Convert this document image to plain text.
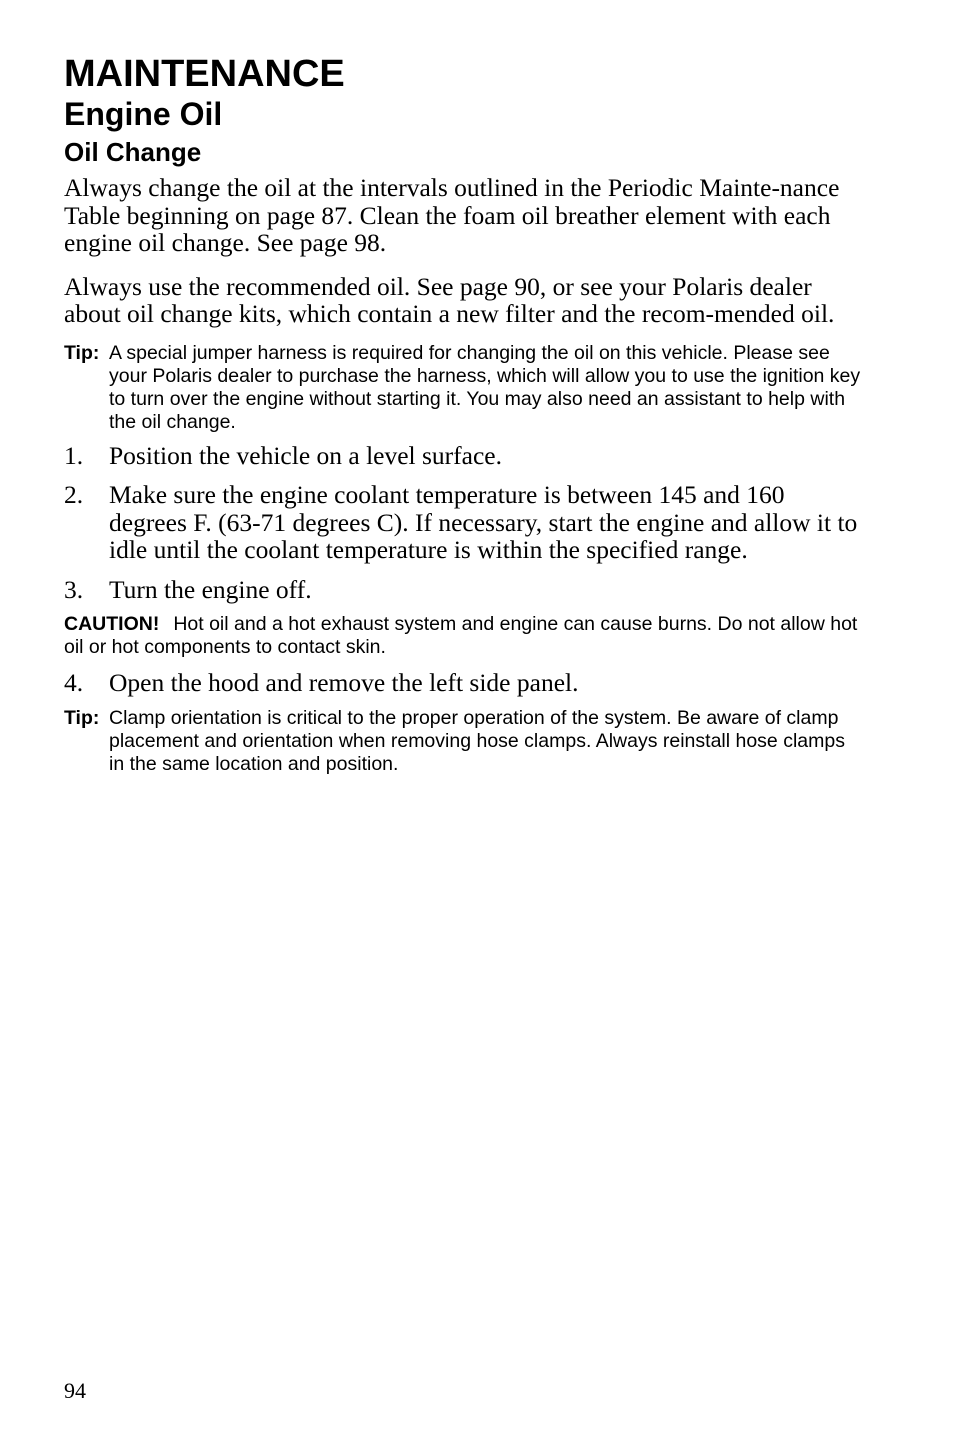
MAINTENANCE
Engine Oil
Oil Change

Always change the oil at the intervals outlined in the Periodic Mainte-nance Table beginning on page 87. Clean the foam oil breather element with each engine oil change. See page 98.

Always use the recommended oil. See page 90, or see your Polaris dealer about oil change kits, which contain a new filter and the recom-mended oil.

Tip: A special jumper harness is required for changing the oil on this vehicle. Please see your Polaris dealer to purchase the harness, which will allow you to use the ignition key to turn over the engine without starting it. You may also need an assistant to help with the oil change.
1. Position the vehicle on a level surface.
2. Make sure the engine coolant temperature is between 145 and 160 degrees F. (63-71 degrees C). If necessary, start the engine and allow it to idle until the coolant temperature is within the specified range.
3. Turn the engine off.
CAUTION! Hot oil and a hot exhaust system and engine can cause burns. Do not allow hot oil or hot components to contact skin.
4. Open the hood and remove the left side panel.
Tip: Clamp orientation is critical to the proper operation of the system. Be aware of clamp placement and orientation when removing hose clamps. Always reinstall hose clamps in the same location and position.
94
